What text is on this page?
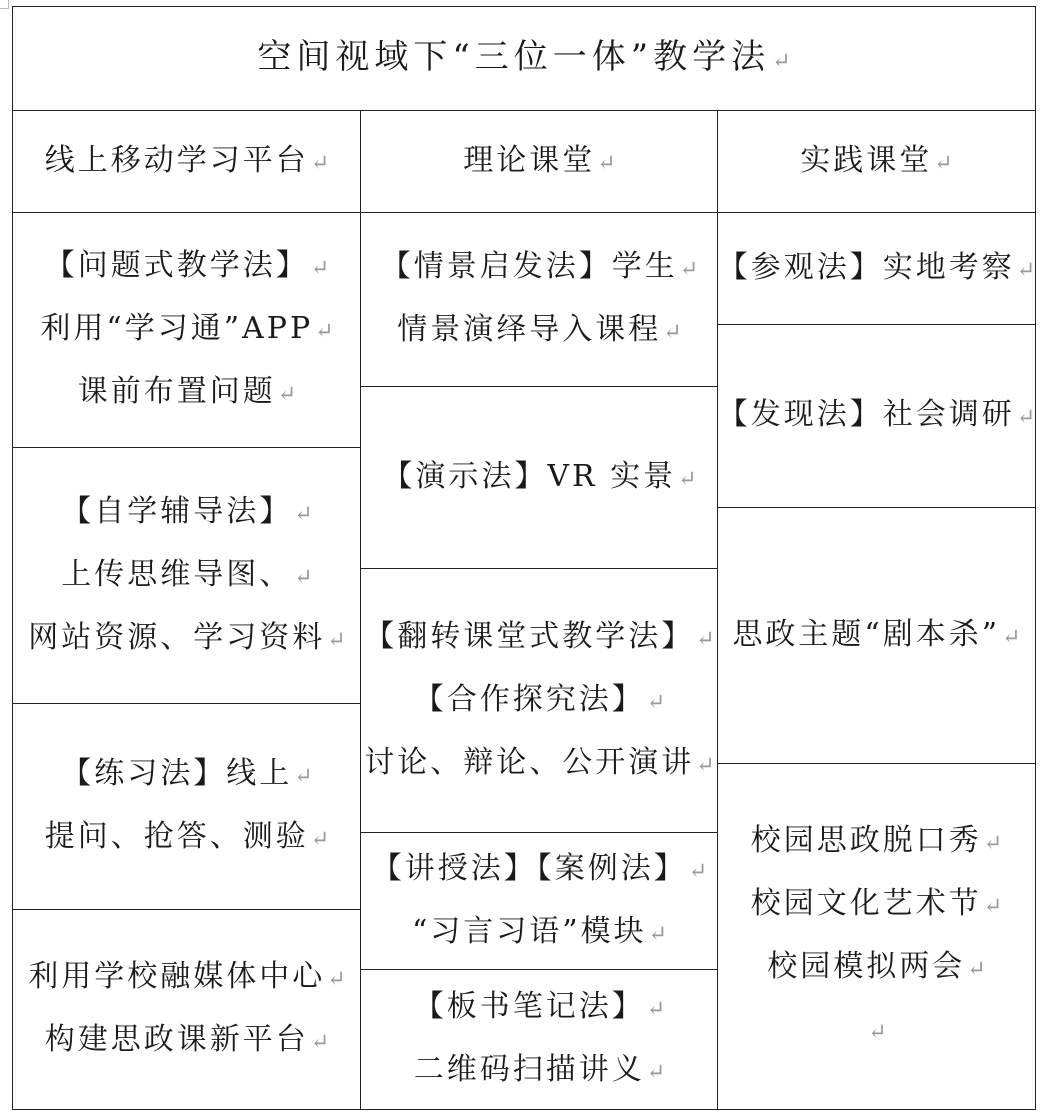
空间视域下“三位一体”教学法↵
线上移动学习平台↵	理论课堂↵	实践课堂↵
【问题式教学法】↵
利用“学习通”APP↵
课前布置问题↵
【自学辅导法】↵
上传思维导图、↵
网站资源、学习资料↵
【练习法】线上↵
提问、抢答、测验↵
利用学校融媒体中心↵
构建思政课新平台↵
【情景启发法】学生↵
情景演绎导入课程↵
【演示法】VR 实景↵
【翻转课堂式教学法】↵
【合作探究法】↵
讨论、辩论、公开演讲↵
【讲授法】【案例法】↵
“习言习语”模块↵
【板书笔记法】↵
二维码扫描讲义↵
【参观法】实地考察↵
【发现法】社会调研↵
思政主题“剧本杀”↵
校园思政脱口秀↵
校园文化艺术节↵
校园模拟两会↵
↵
